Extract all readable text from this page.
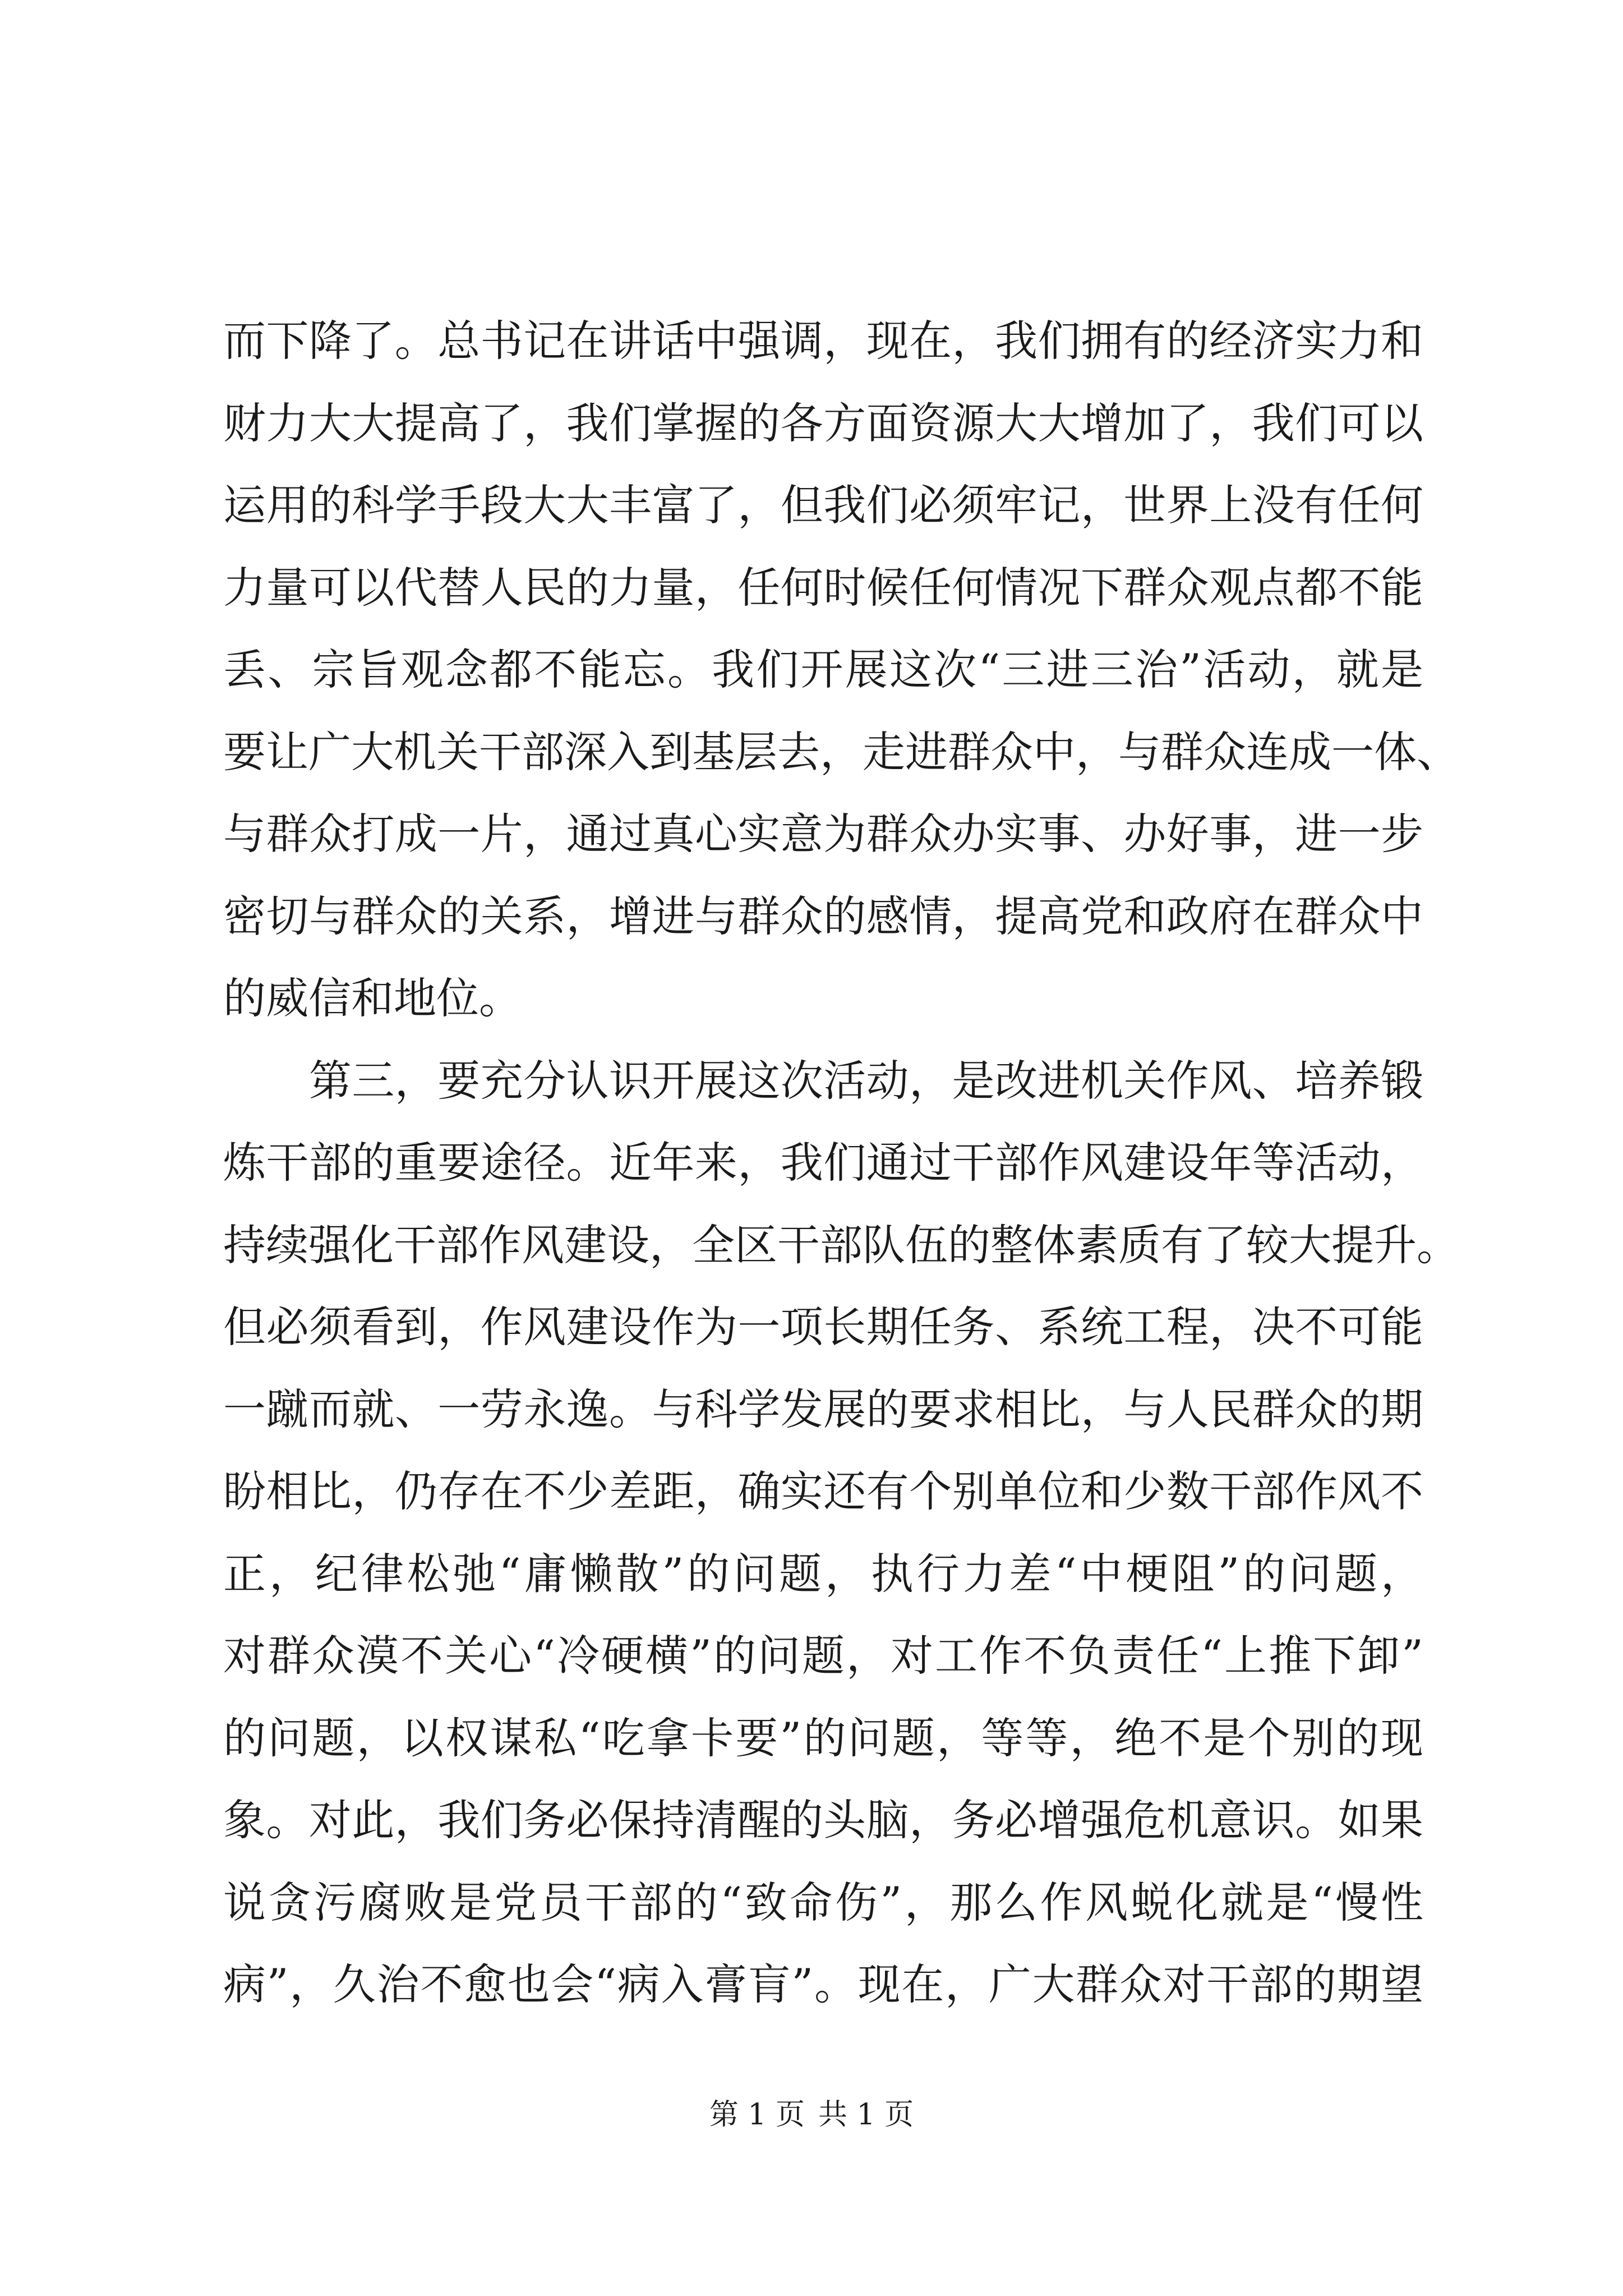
而下降了。总书记在讲话中强调，现在，我们拥有的经济实力和
财力大大提高了，我们掌握的各方面资源大大增加了，我们可以
运用的科学手段大大丰富了，但我们必须牢记，世界上没有任何
力量可以代替人民的力量，任何时候任何情况下群众观点都不能
丢、宗旨观念都不能忘。我们开展这次“三进三治”活动，就是
要让广大机关干部深入到基层去，走进群众中，与群众连成一体、
与群众打成一片，通过真心实意为群众办实事、办好事，进一步
密切与群众的关系，增进与群众的感情，提高党和政府在群众中
的威信和地位。
　　第三，要充分认识开展这次活动，是改进机关作风、培养锻
炼干部的重要途径。近年来，我们通过干部作风建设年等活动，
持续强化干部作风建设，全区干部队伍的整体素质有了较大提升。
但必须看到，作风建设作为一项长期任务、系统工程，决不可能
一蹴而就、一劳永逸。与科学发展的要求相比，与人民群众的期
盼相比，仍存在不少差距，确实还有个别单位和少数干部作风不
正，纪律松弛“庸懒散”的问题，执行力差“中梗阻”的问题，
对群众漠不关心“冷硬横”的问题，对工作不负责任“上推下卸”
的问题，以权谋私“吃拿卡要”的问题，等等，绝不是个别的现
象。对此，我们务必保持清醒的头脑，务必增强危机意识。如果
说贪污腐败是党员干部的“致命伤”，那么作风蜕化就是“慢性
病”，久治不愈也会“病入膏肓”。现在，广大群众对干部的期望
第 1 页 共 1 页
